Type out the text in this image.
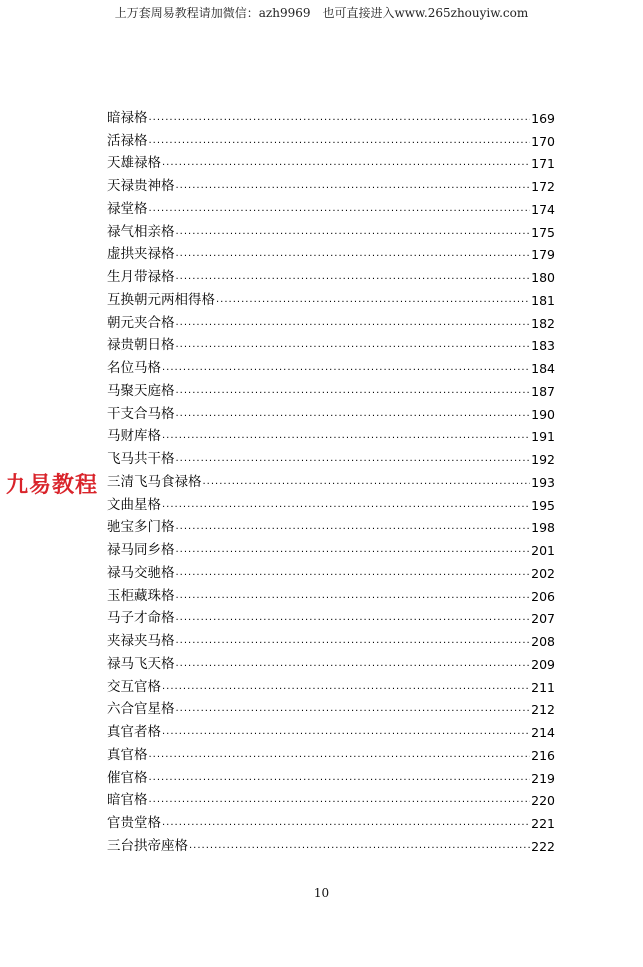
上万套周易教程请加微信：azh9969　也可直接进入www.265zhouyiw.com
暗禄格 .....	169
活禄格 .....	170
天雄禄格 .....	171
天禄贵神格 .....	172
禄堂格 .....	174
禄气相亲格 .....	175
虚拱夹禄格 .....	179
生月带禄格 .....	180
互换朝元两相得格 .....	181
朝元夹合格 .....	182
禄贵朝日格 .....	183
名位马格 .....	184
马聚天庭格 .....	187
干支合马格 .....	190
马财库格 .....	191
飞马共干格 .....	192
三清飞马食禄格 .....	193
文曲星格 .....	195
驰宝多门格 .....	198
禄马同乡格 .....	201
禄马交驰格 .....	202
玉柜藏珠格 .....	206
马子才命格 .....	207
夹禄夹马格 .....	208
禄马飞天格 .....	209
交互官格 .....	211
六合官星格 .....	212
真官者格 .....	214
真官格 .....	216
催官格 .....	219
暗官格 .....	220
官贵堂格 .....	221
三台拱帝座格 .....	222
九易教程
10
